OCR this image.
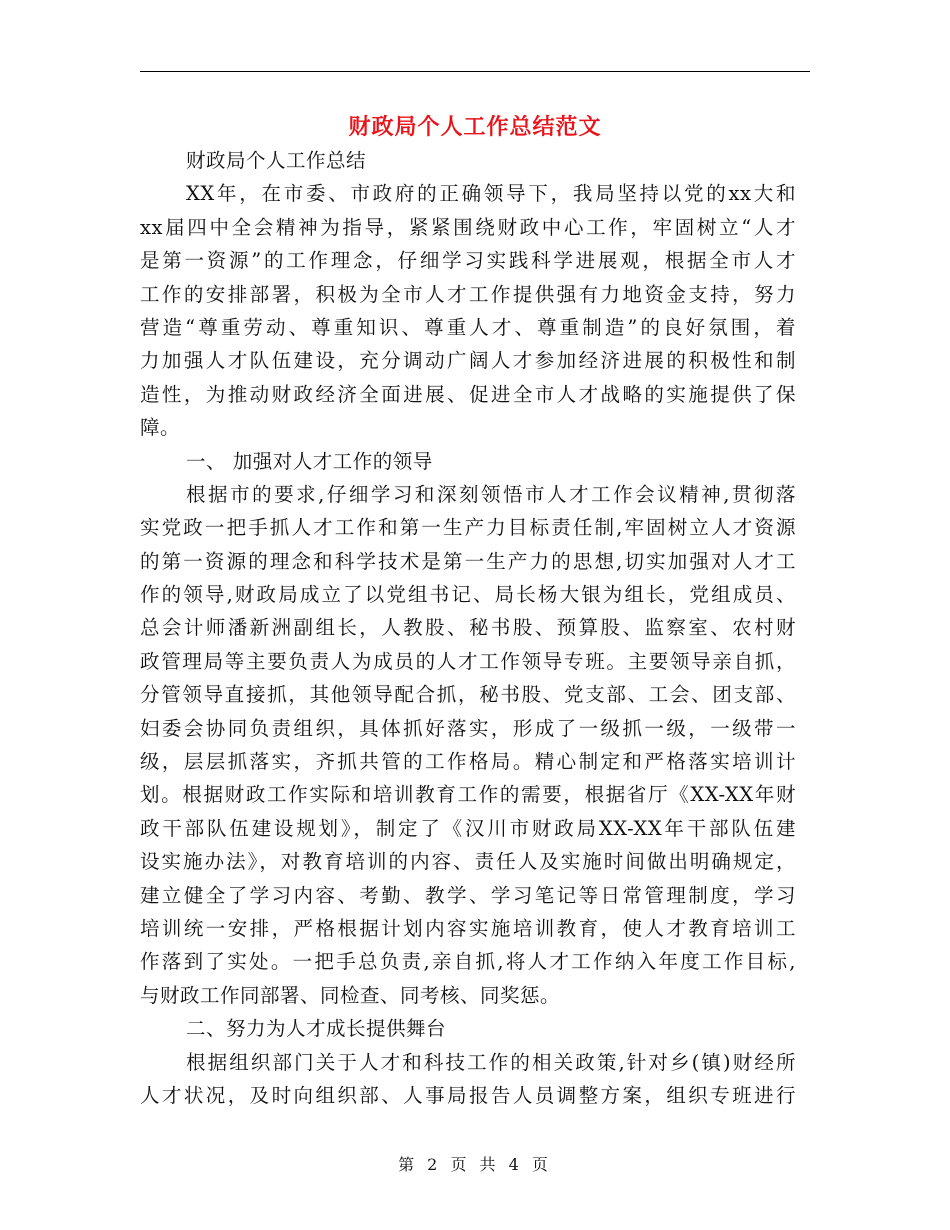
财政局个人工作总结范文
财政局个人工作总结
XX年，在市委、市政府的正确领导下，我局坚持以党的xx大和
xx届四中全会精神为指导，紧紧围绕财政中心工作，牢固树立“人才
是第一资源”的工作理念，仔细学习实践科学进展观，根据全市人才
工作的安排部署，积极为全市人才工作提供强有力地资金支持，努力
营造“尊重劳动、尊重知识、尊重人才、尊重制造”的良好氛围，着
力加强人才队伍建设，充分调动广阔人才参加经济进展的积极性和制
造性，为推动财政经济全面进展、促进全市人才战略的实施提供了保
障。
一、 加强对人才工作的领导
根据市的要求,仔细学习和深刻领悟市人才工作会议精神,贯彻落
实党政一把手抓人才工作和第一生产力目标责任制,牢固树立人才资源
的第一资源的理念和科学技术是第一生产力的思想,切实加强对人才工
作的领导,财政局成立了以党组书记、局长杨大银为组长，党组成员、
总会计师潘新洲副组长，人教股、秘书股、预算股、监察室、农村财
政管理局等主要负责人为成员的人才工作领导专班。主要领导亲自抓，
分管领导直接抓，其他领导配合抓，秘书股、党支部、工会、团支部、
妇委会协同负责组织，具体抓好落实，形成了一级抓一级，一级带一
级，层层抓落实，齐抓共管的工作格局。精心制定和严格落实培训计
划。根据财政工作实际和培训教育工作的需要，根据省厅《XX-XX年财
政干部队伍建设规划》，制定了《汉川市财政局XX-XX年干部队伍建
设实施办法》，对教育培训的内容、责任人及实施时间做出明确规定，
建立健全了学习内容、考勤、教学、学习笔记等日常管理制度，学习
培训统一安排，严格根据计划内容实施培训教育，使人才教育培训工
作落到了实处。一把手总负责,亲自抓,将人才工作纳入年度工作目标,
与财政工作同部署、同检查、同考核、同奖惩。
二、努力为人才成长提供舞台
根据组织部门关于人才和科技工作的相关政策,针对乡(镇)财经所
人才状况，及时向组织部、人事局报告人员调整方案，组织专班进行
第 2 页 共 4 页
